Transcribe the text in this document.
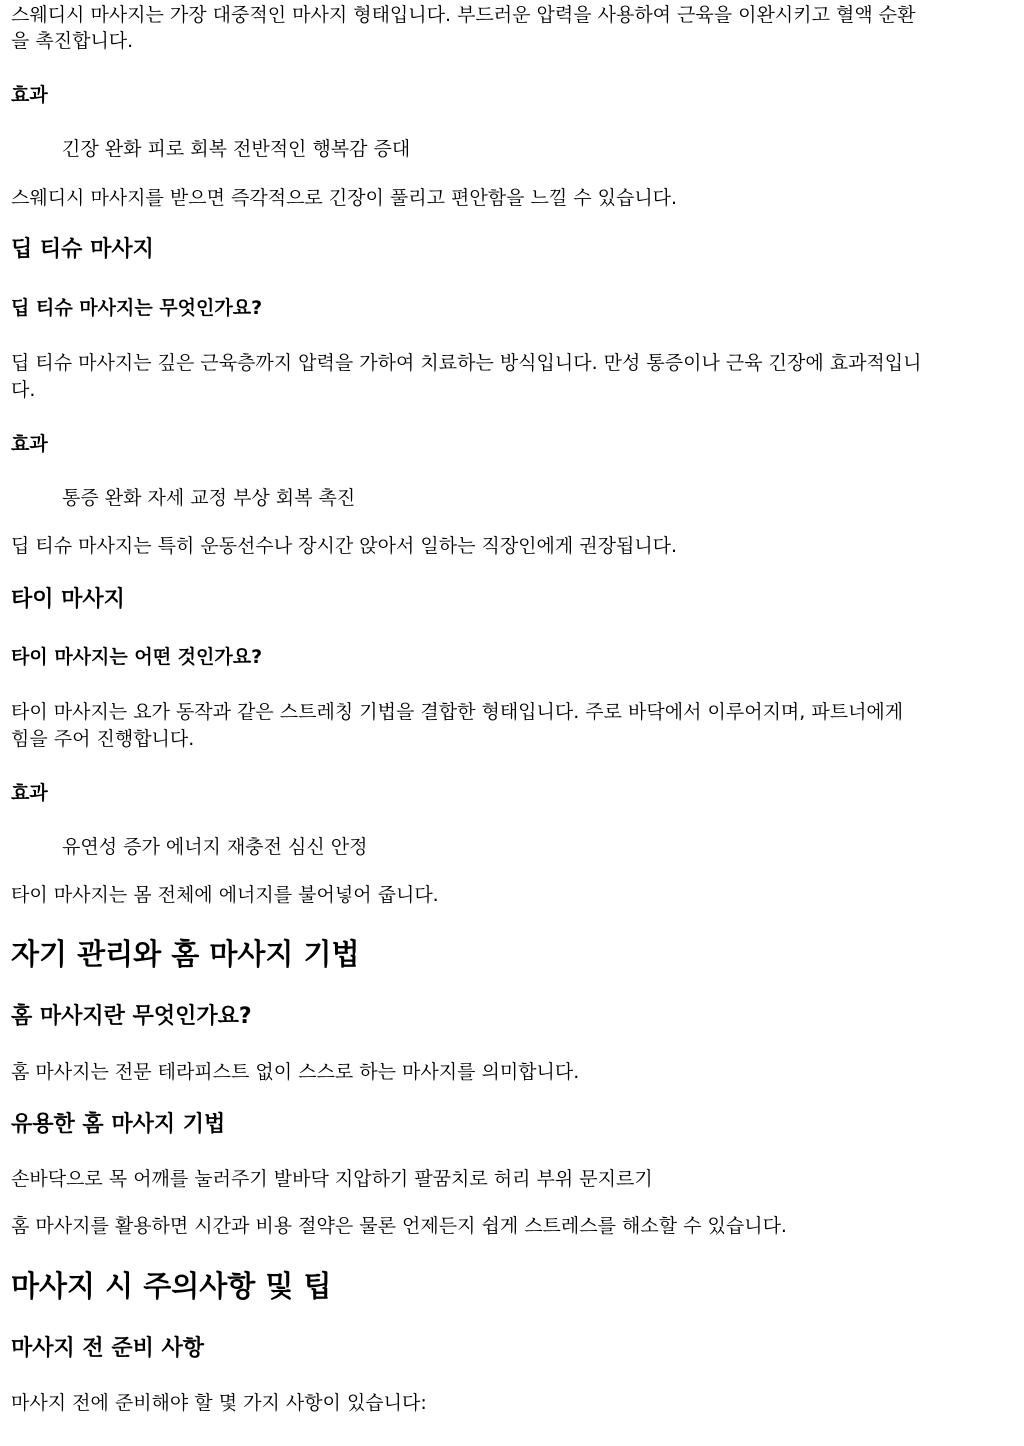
스웨디시 마사지는 가장 대중적인 마사지 형태입니다. 부드러운 압력을 사용하여 근육을 이완시키고 혈액 순환

을 촉진합니다.

효과

긴장 완화 피로 회복 전반적인 행복감 증대

스웨디시 마사지를 받으면 즉각적으로 긴장이 풀리고 편안함을 느낄 수 있습니다.

딥 티슈 마사지
딥 티슈 마사지는 무엇인가요?

딥 티슈 마사지는 깊은 근육층까지 압력을 가하여 치료하는 방식입니다. 만성 통증이나 근육 긴장에 효과적입니

다.

효과

통증 완화 자세 교정 부상 회복 촉진

딥 티슈 마사지는 특히 운동선수나 장시간 앉아서 일하는 직장인에게 권장됩니다.

타이 마사지
타이 마사지는 어떤 것인가요?

타이 마사지는 요가 동작과 같은 스트레칭 기법을 결합한 형태입니다. 주로 바닥에서 이루어지며, 파트너에게

힘을 주어 진행합니다.

효과

유연성 증가 에너지 재충전 심신 안정

타이 마사지는 몸 전체에 에너지를 불어넣어 줍니다.

자기 관리와 홈 마사지 기법
홈 마사지란 무엇인가요?

홈 마사지는 전문 테라피스트 없이 스스로 하는 마사지를 의미합니다.

유용한 홈 마사지 기법

손바닥으로 목 어깨를 눌러주기 발바닥 지압하기 팔꿈치로 허리 부위 문지르기

홈 마사지를 활용하면 시간과 비용 절약은 물론 언제든지 쉽게 스트레스를 해소할 수 있습니다.

마사지 시 주의사항 및 팁
마사지 전 준비 사항

마사지 전에 준비해야 할 몇 가지 사항이 있습니다:
